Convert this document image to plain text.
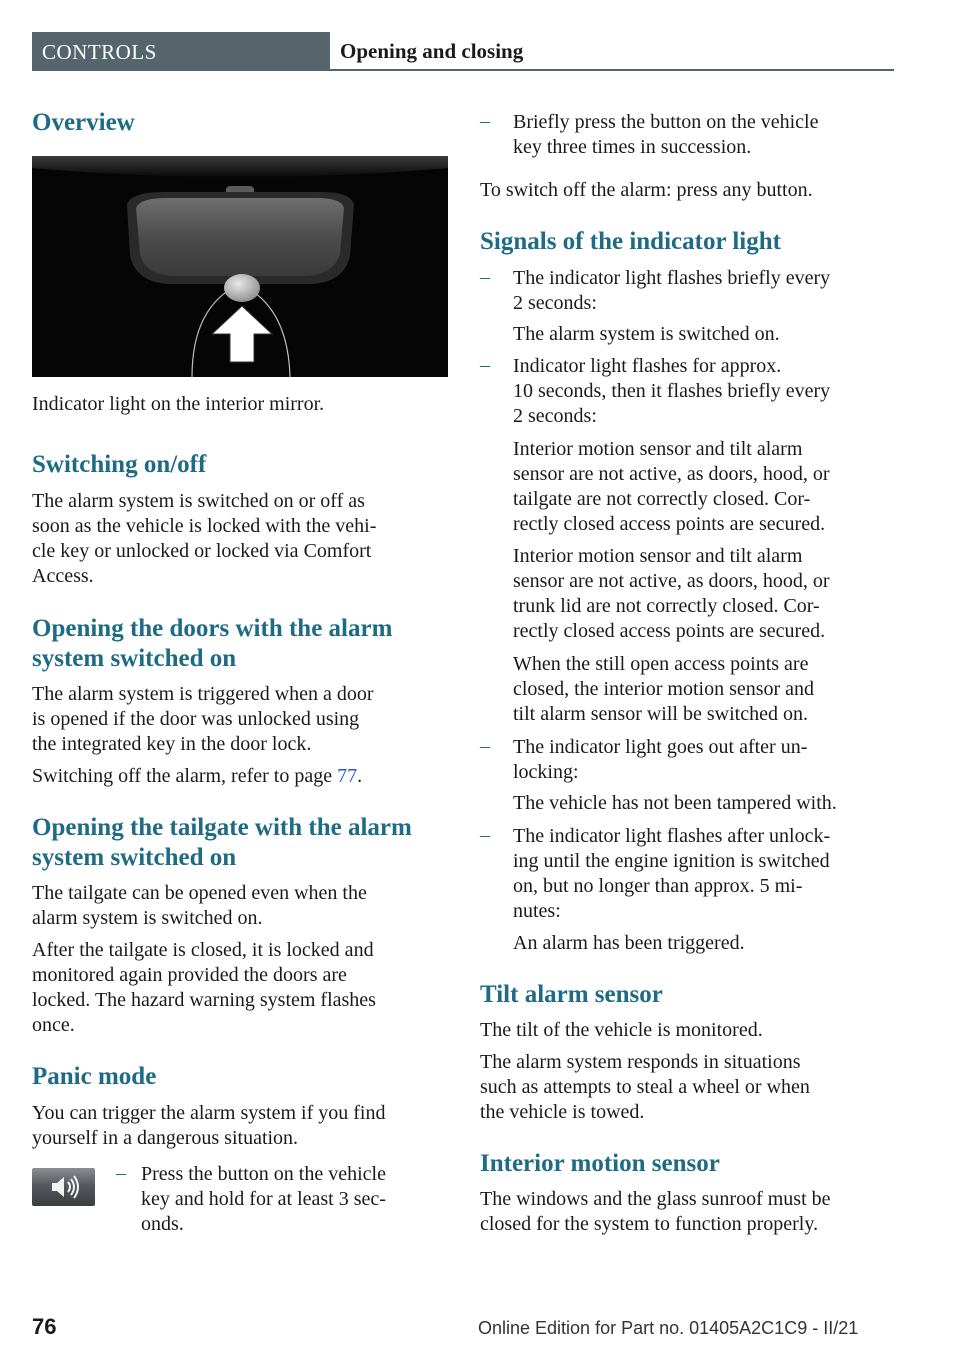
CONTROLS	Opening and closing
Overview

Indicator light on the interior mirror.

Switching on/off

The alarm system is switched on or off as
soon as the vehicle is locked with the vehi-
cle key or unlocked or locked via Comfort
Access.

Opening the doors with the alarm
system switched on

The alarm system is triggered when a door
is opened if the door was unlocked using
the integrated key in the door lock.

Switching off the alarm, refer to page 77.

Opening the tailgate with the alarm
system switched on

The tailgate can be opened even when the
alarm system is switched on.

After the tailgate is closed, it is locked and
monitored again provided the doors are
locked. The hazard warning system flashes
once.

Panic mode

You can trigger the alarm system if you find
yourself in a dangerous situation.

– Press the button on the vehicle
key and hold for at least 3 sec-
onds.

– Briefly press the button on the vehicle
key three times in succession.

To switch off the alarm: press any button.

Signals of the indicator light
– The indicator light flashes briefly every
2 seconds:

The alarm system is switched on.

– Indicator light flashes for approx.
10 seconds, then it flashes briefly every
2 seconds:

Interior motion sensor and tilt alarm
sensor are not active, as doors, hood, or
tailgate are not correctly closed. Cor-
rectly closed access points are secured.

Interior motion sensor and tilt alarm
sensor are not active, as doors, hood, or
trunk lid are not correctly closed. Cor-
rectly closed access points are secured.

When the still open access points are
closed, the interior motion sensor and
tilt alarm sensor will be switched on.

– The indicator light goes out after un-
locking:

The vehicle has not been tampered with.

– The indicator light flashes after unlock-
ing until the engine ignition is switched
on, but no longer than approx. 5 mi-
nutes:

An alarm has been triggered.

Tilt alarm sensor

The tilt of the vehicle is monitored.

The alarm system responds in situations
such as attempts to steal a wheel or when
the vehicle is towed.

Interior motion sensor

The windows and the glass sunroof must be
closed for the system to function properly.

76	Online Edition for Part no. 01405A2C1C9 - II/21
